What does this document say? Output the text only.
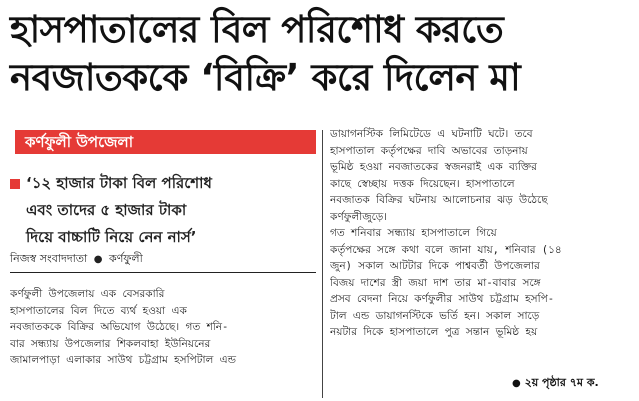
হাসপাতালের বিল পরিশোধ করতে
নবজাতককে ‘বিক্রি’ করে দিলেন মা
কর্ণফুলী উপজেলা
‘১২ হাজার টাকা বিল পরিশোধ
এবং তাদের ৫ হাজার টাকা
দিয়ে বাচ্চাটি নিয়ে নেন নার্স’
নিজস্ব সংবাদদাতা ● কর্ণফুলী
কর্ণফুলী উপজেলায় এক বেসরকারি
হাসপাতালের বিল দিতে ব্যর্থ হওয়া এক
নবজাতককে বিক্রির অভিযোগ উঠেছে। গত শনি-
বার সন্ধ্যায় উপজেলার শিকলবাহা ইউনিয়নের
জামালপাড়া এলাকার সাউথ চট্টগ্রাম হসপিটাল এন্ড
ডায়াগনস্টিক লিমিটেডে এ ঘটনাটি ঘটে। তবে
হাসপাতাল কর্তৃপক্ষের দাবি অভাবের তাড়নায়
ভূমিষ্ঠ হওয়া নবজাতকের স্বজনরাই এক ব্যক্তির
কাছে স্বেচ্ছায় দত্তক দিয়েছেন। হাসপাতালে
নবজাতক বিক্রির ঘটনায় আলোচনার ঝড় উঠেছে
কর্ণফুলীজুড়ে।
গত শনিবার সন্ধ্যায় হাসপাতালে গিয়ে
কর্তৃপক্ষের সঙ্গে কথা বলে জানা যায়, শনিবার (১৪
জুন) সকাল আটটার দিকে পাশ্ববর্তী উপজেলার
বিজয় দাশের স্ত্রী জয়া দাশ তার মা-বাবার সঙ্গে
প্রসব বেদনা নিয়ে কর্ণফুলীর সাউথ চট্টগ্রাম হসপি-
টাল এন্ড ডায়াগনস্টিকে ভর্তি হন। সকাল সাড়ে
নয়টার দিকে হাসপাতালে পুত্র সন্তান ভূমিষ্ঠ হয়
● ২য় পৃষ্ঠার ৭ম ক.
